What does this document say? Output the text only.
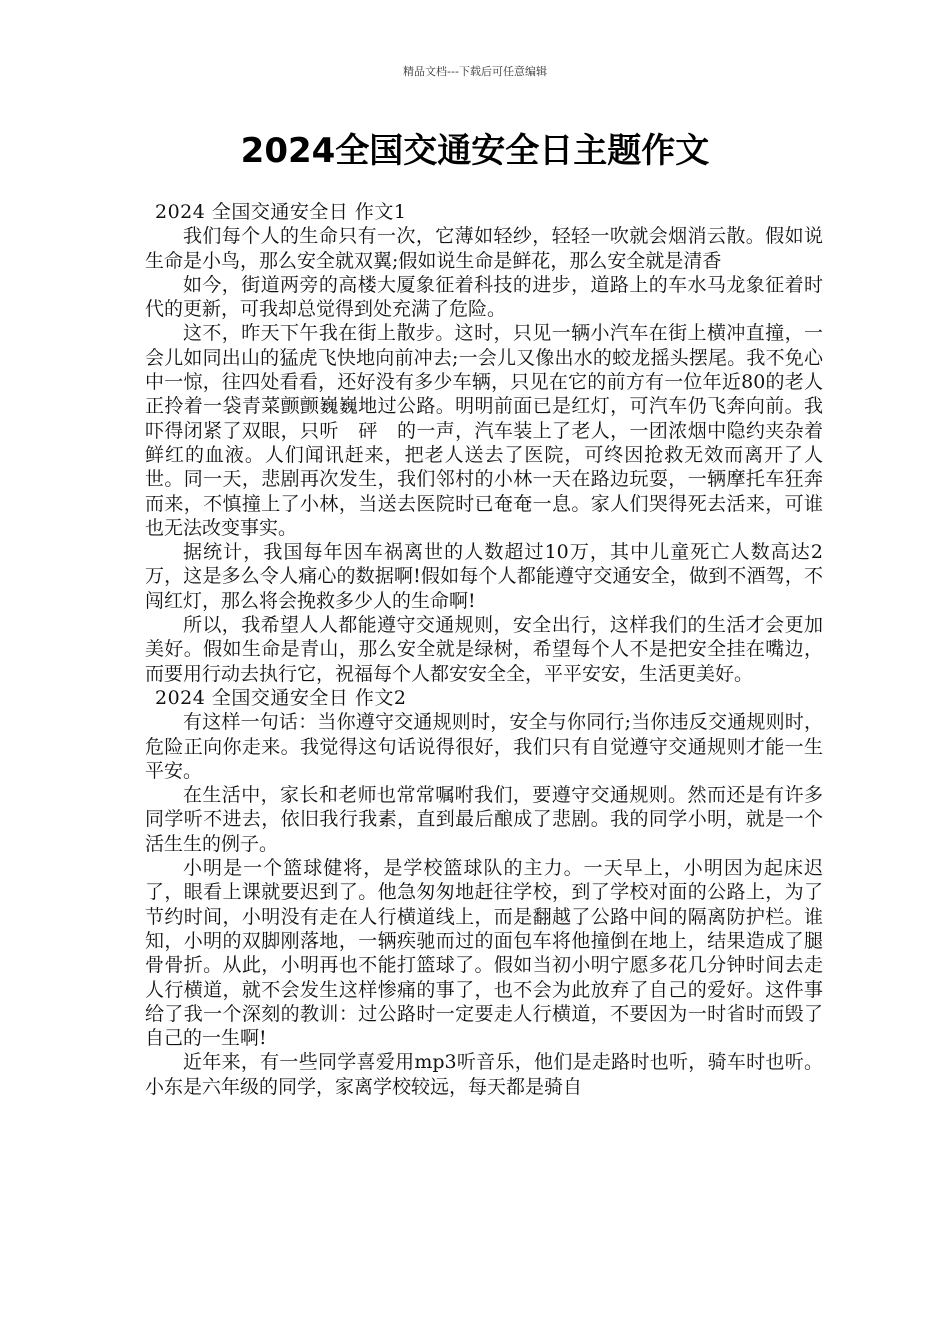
精品文档---下载后可任意编辑
2024全国交通安全日主题作文

2024 全国交通安全日 作文1

我们每个人的生命只有一次，它薄如轻纱，轻轻一吹就会烟消云散。假如说生命是小鸟，那么安全就双翼;假如说生命是鲜花，那么安全就是清香

如今，街道两旁的高楼大厦象征着科技的进步，道路上的车水马龙象征着时代的更新，可我却总觉得到处充满了危险。

这不，昨天下午我在街上散步。这时，只见一辆小汽车在街上横冲直撞，一会儿如同出山的猛虎飞快地向前冲去;一会儿又像出水的蛟龙摇头摆尾。我不免心中一惊，往四处看看，还好没有多少车辆，只见在它的前方有一位年近80的老人正拎着一袋青菜颤颤巍巍地过公路。明明前面已是红灯，可汽车仍飞奔向前。我吓得闭紧了双眼，只听　砰　的一声，汽车装上了老人，一团浓烟中隐约夹杂着鲜红的血液。人们闻讯赶来，把老人送去了医院，可终因抢救无效而离开了人世。同一天，悲剧再次发生，我们邻村的小林一天在路边玩耍，一辆摩托车狂奔而来，不慎撞上了小林，当送去医院时已奄奄一息。家人们哭得死去活来，可谁也无法改变事实。

据统计，我国每年因车祸离世的人数超过10万，其中儿童死亡人数高达2万，这是多么令人痛心的数据啊!假如每个人都能遵守交通安全，做到不酒驾，不闯红灯，那么将会挽救多少人的生命啊!

所以，我希望人人都能遵守交通规则，安全出行，这样我们的生活才会更加美好。假如生命是青山，那么安全就是绿树，希望每个人不是把安全挂在嘴边，而要用行动去执行它，祝福每个人都安安全全，平平安安，生活更美好。

2024 全国交通安全日 作文2

有这样一句话：当你遵守交通规则时，安全与你同行;当你违反交通规则时，危险正向你走来。我觉得这句话说得很好，我们只有自觉遵守交通规则才能一生平安。

在生活中，家长和老师也常常嘱咐我们，要遵守交通规则。然而还是有许多同学听不进去，依旧我行我素，直到最后酿成了悲剧。我的同学小明，就是一个活生生的例子。

小明是一个篮球健将，是学校篮球队的主力。一天早上，小明因为起床迟了，眼看上课就要迟到了。他急匆匆地赶往学校，到了学校对面的公路上，为了节约时间，小明没有走在人行横道线上，而是翻越了公路中间的隔离防护栏。谁知，小明的双脚刚落地，一辆疾驰而过的面包车将他撞倒在地上，结果造成了腿骨骨折。从此，小明再也不能打篮球了。假如当初小明宁愿多花几分钟时间去走人行横道，就不会发生这样惨痛的事了，也不会为此放弃了自己的爱好。这件事给了我一个深刻的教训：过公路时一定要走人行横道，不要因为一时省时而毁了自己的一生啊!

近年来，有一些同学喜爱用mp3听音乐，他们是走路时也听，骑车时也听。小东是六年级的同学，家离学校较远，每天都是骑自
